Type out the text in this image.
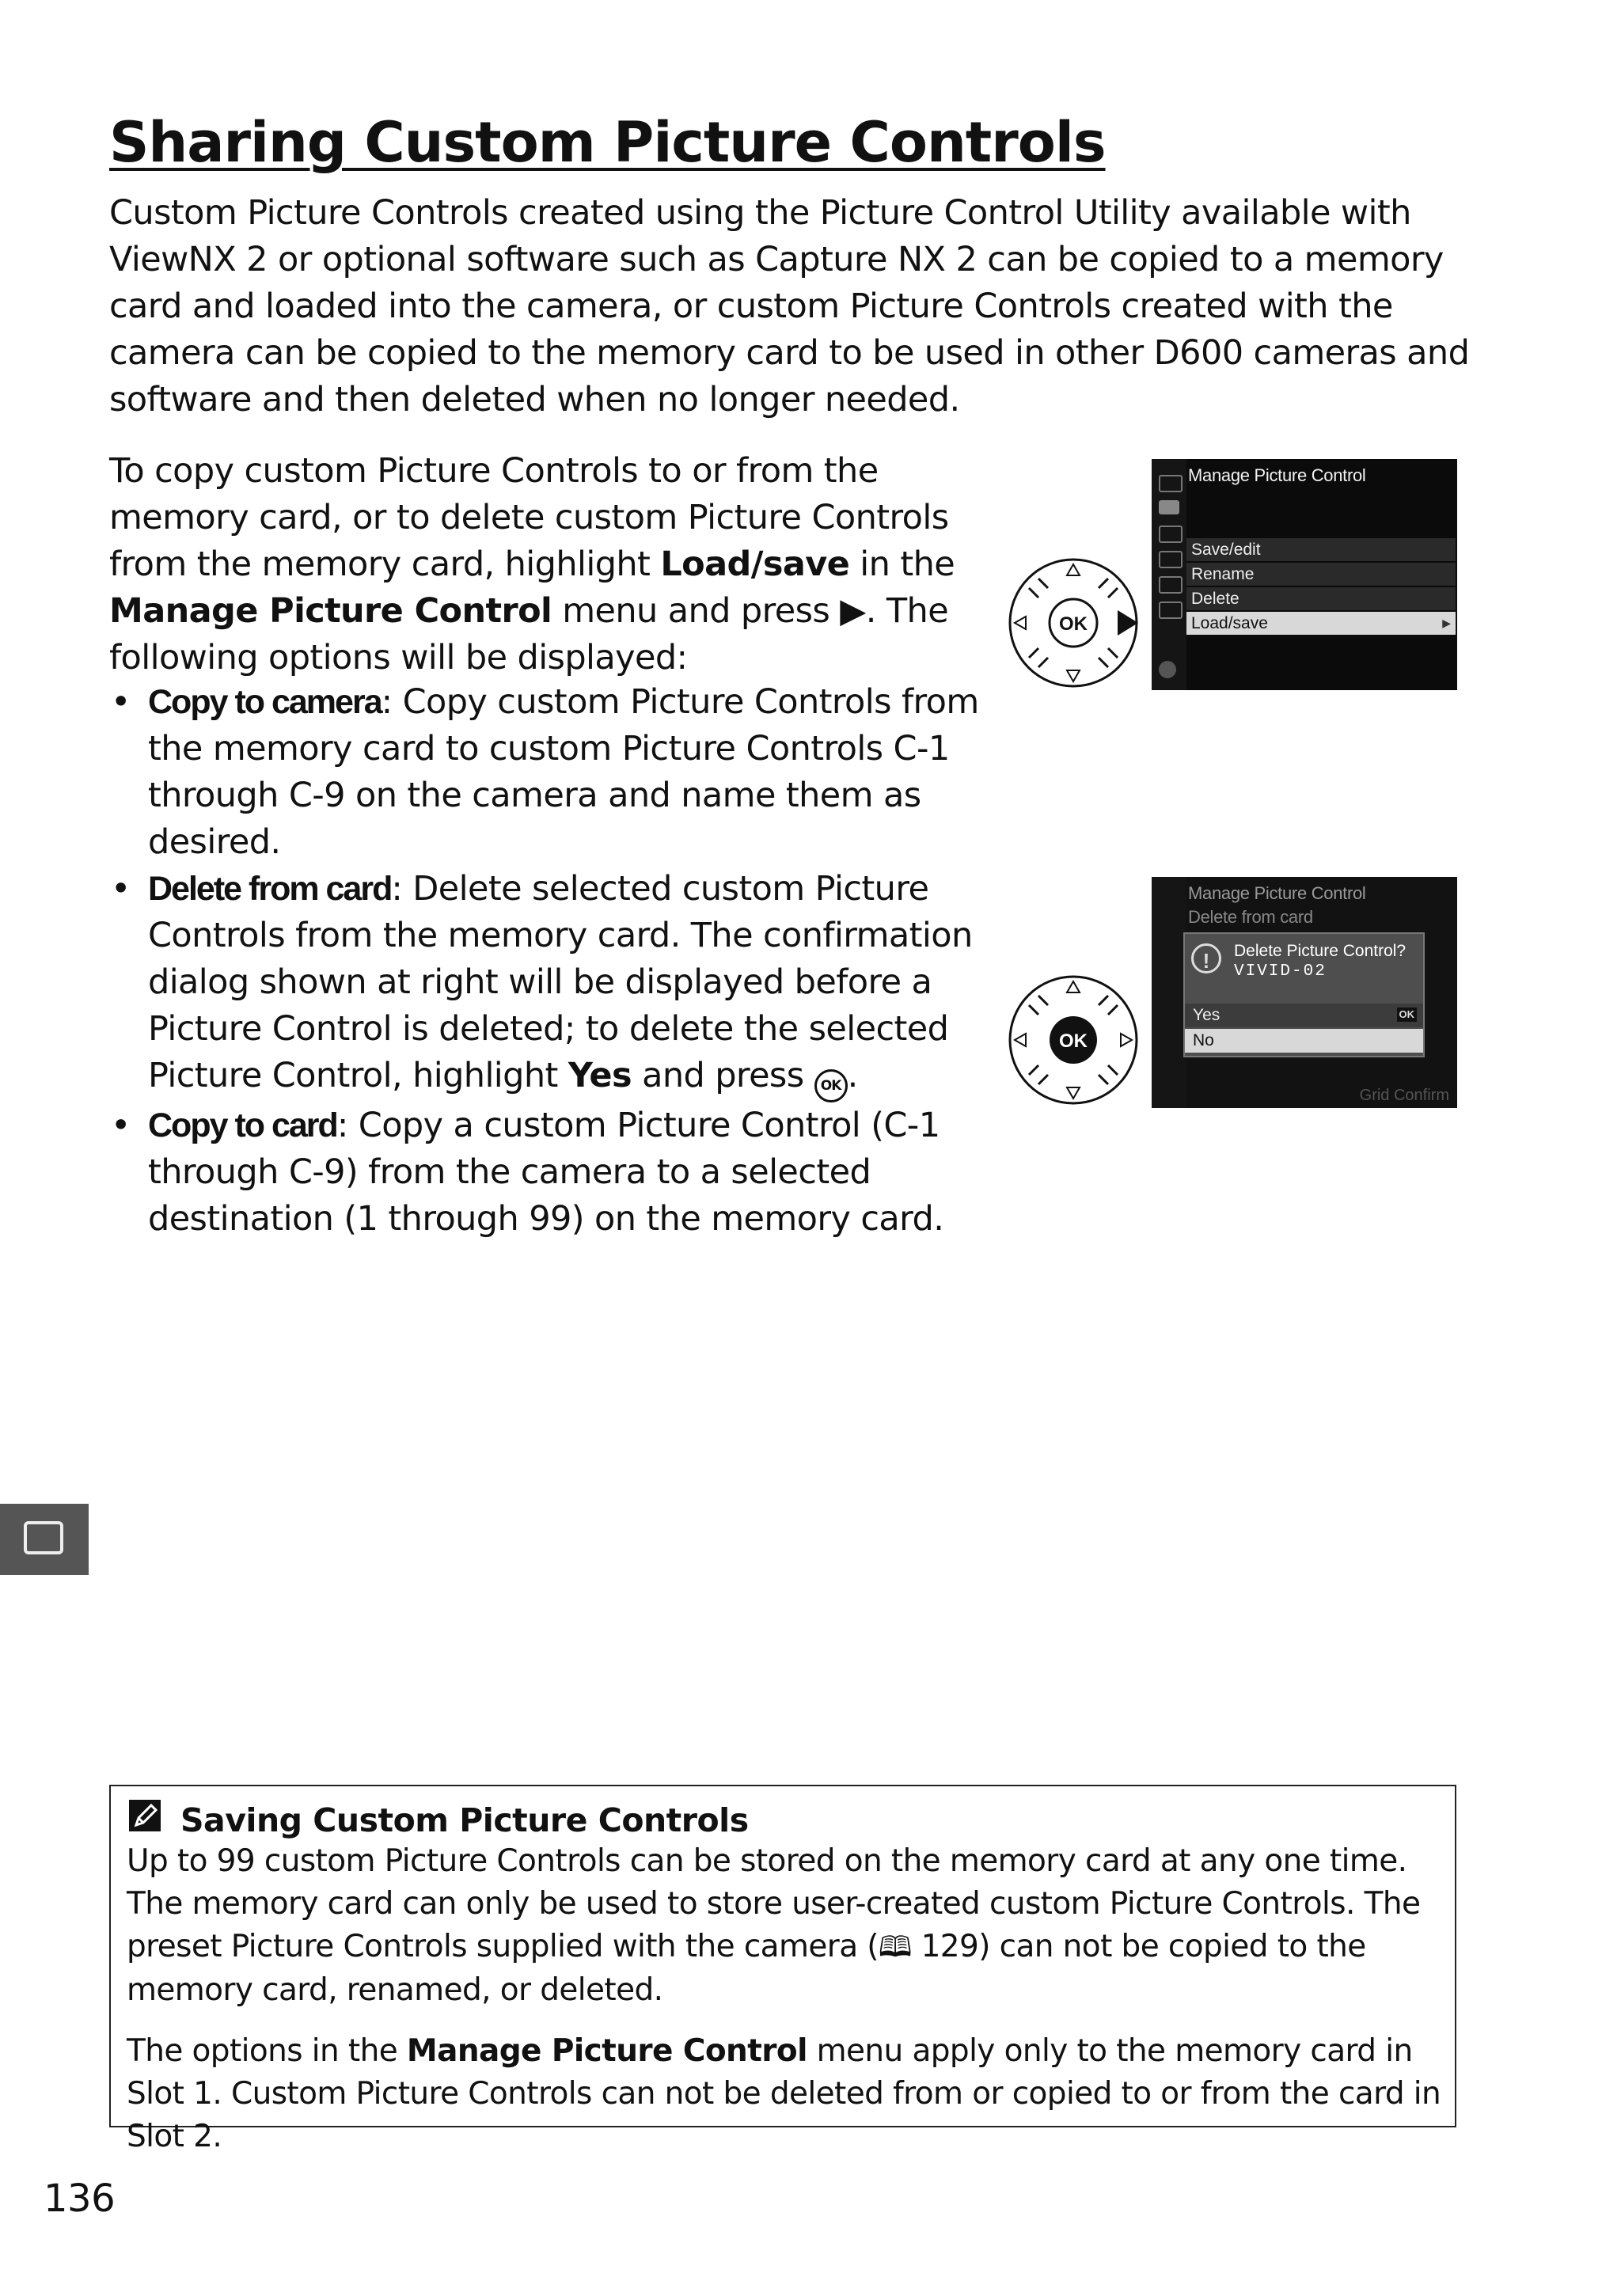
Sharing Custom Picture Controls

Custom Picture Controls created using the Picture Control Utility available with ViewNX 2 or optional software such as Capture NX 2 can be copied to a memory card and loaded into the camera, or custom Picture Controls created with the camera can be copied to the memory card to be used in other D600 cameras and software and then deleted when no longer needed.

To copy custom Picture Controls to or from the memory card, or to delete custom Picture Controls from the memory card, highlight Load/save in the Manage Picture Control menu and press ▶. The following options will be displayed:

• Copy to camera: Copy custom Picture Controls from the memory card to custom Picture Controls C-1 through C-9 on the camera and name them as desired.
• Delete from card: Delete selected custom Picture Controls from the memory card. The confirmation dialog shown at right will be displayed before a Picture Control is deleted; to delete the selected Picture Control, highlight Yes and press OK .
• Copy to card: Copy a custom Picture Control (C-1 through C-9) from the camera to a selected destination (1 through 99) on the memory card.
OK
Manage Picture Control
Save/edit
Rename
Delete
Load/save	▶
OK
Manage Picture Control
Delete from card
!	Delete Picture Control?
VIVID-02
Yes	OK
No
Grid Confirm
Saving Custom Picture Controls

Up to 99 custom Picture Controls can be stored on the memory card at any one time. The memory card can only be used to store user-created custom Picture Controls. The preset Picture Controls supplied with the camera (🕮 129) can not be copied to the memory card, renamed, or deleted.

The options in the Manage Picture Control menu apply only to the memory card in Slot 1. Custom Picture Controls can not be deleted from or copied to or from the card in Slot 2.

136
